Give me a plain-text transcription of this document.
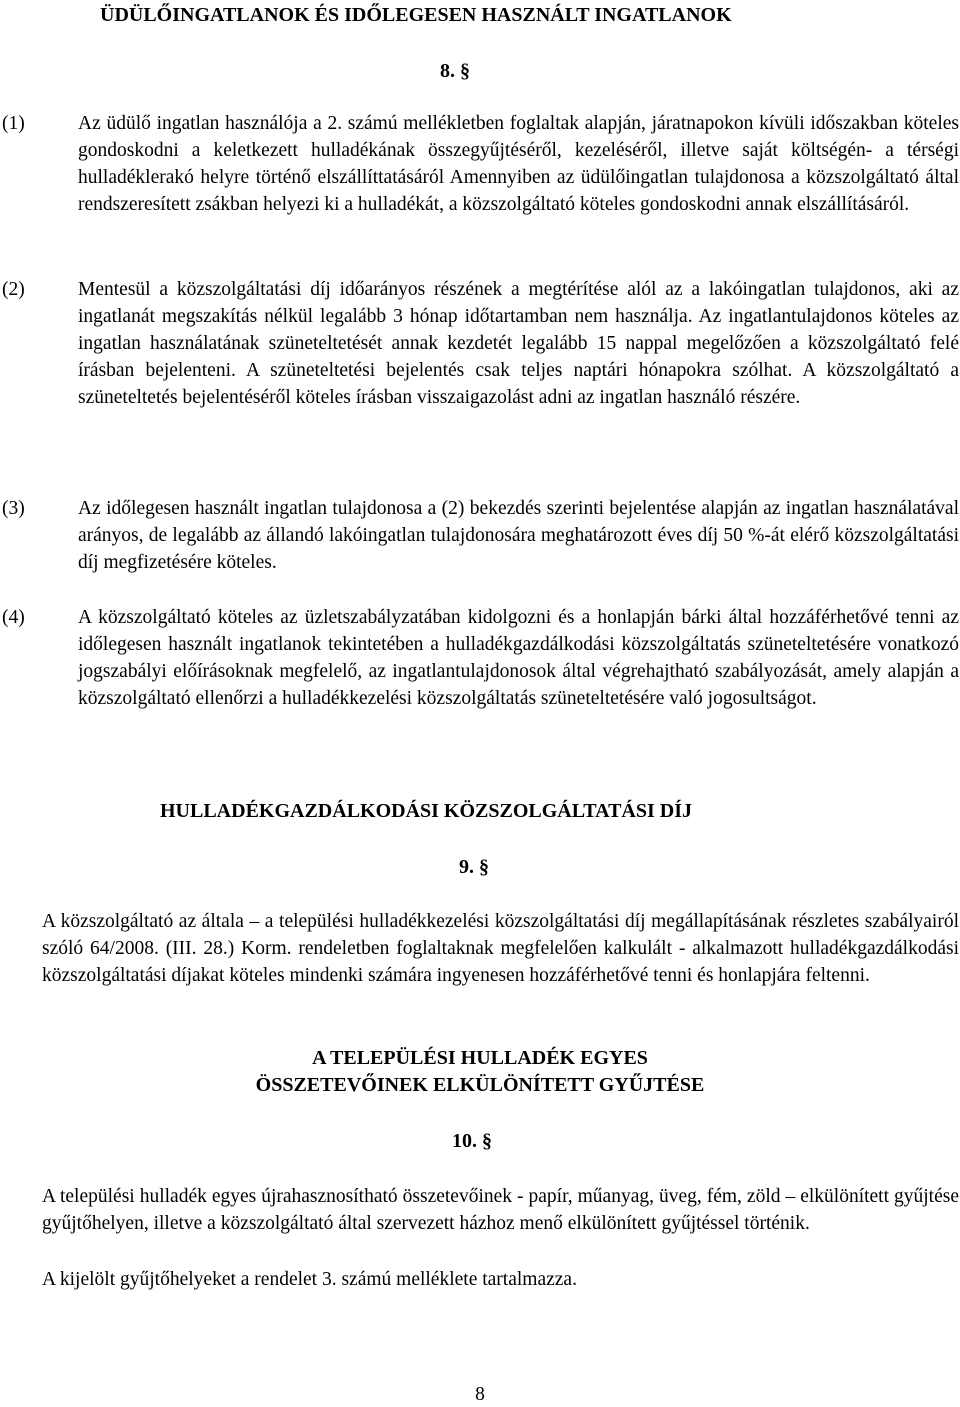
ÜDÜLŐINGATLANOK ÉS IDŐLEGESEN HASZNÁLT INGATLANOK
8. §

(1)	Az üdülő ingatlan használója a 2. számú mellékletben foglaltak alapján, járatnapokon kívüli időszakban köteles gondoskodni a keletkezett hulladékának összegyűjtéséről, kezeléséről, illetve saját költségén- a térségi hulladéklerakó helyre történő elszállíttatásáról Amennyiben az üdülőingatlan tulajdonosa a közszolgáltató által rendszeresített zsákban helyezi ki a hulladékát, a közszolgáltató köteles gondoskodni annak elszállításáról.

(2)	Mentesül a közszolgáltatási díj időarányos részének a megtérítése alól az a lakóingatlan tulajdonos, aki az ingatlanát megszakítás nélkül legalább 3 hónap időtartamban nem használja. Az ingatlantulajdonos köteles az ingatlan használatának szüneteltetését annak kezdetét legalább 15 nappal megelőzően a közszolgáltató felé írásban bejelenteni. A szüneteltetési bejelentés csak teljes naptári hónapokra szólhat. A közszolgáltató a szüneteltetés bejelentéséről köteles írásban visszaigazolást adni az ingatlan használó részére.

(3)	Az időlegesen használt ingatlan tulajdonosa a (2) bekezdés szerinti bejelentése alapján az ingatlan használatával arányos, de legalább az állandó lakóingatlan tulajdonosára meghatározott éves díj 50 %-át elérő közszolgáltatási díj megfizetésére köteles.

(4)	A közszolgáltató köteles az üzletszabályzatában kidolgozni és a honlapján bárki által hozzáférhetővé tenni az időlegesen használt ingatlanok tekintetében a hulladékgazdálkodási közszolgáltatás szüneteltetésére vonatkozó jogszabályi előírásoknak megfelelő, az ingatlantulajdonosok által végrehajtható szabályozását, amely alapján a közszolgáltató ellenőrzi a hulladékkezelési közszolgáltatás szüneteltetésére való jogosultságot.

HULLADÉKGAZDÁLKODÁSI KÖZSZOLGÁLTATÁSI DÍJ
9. §

A közszolgáltató az általa – a települési hulladékkezelési közszolgáltatási díj megállapításának részletes szabályairól szóló 64/2008. (III. 28.) Korm. rendeletben foglaltaknak megfelelően kalkulált - alkalmazott hulladékgazdálkodási közszolgáltatási díjakat köteles mindenki számára ingyenesen hozzáférhetővé tenni és honlapjára feltenni.

A TELEPÜLÉSI HULLADÉK EGYES
ÖSSZETEVŐINEK ELKÜLÖNÍTETT GYŰJTÉSE
10. §

A települési hulladék egyes újrahasznosítható összetevőinek - papír, műanyag, üveg, fém, zöld – elkülönített gyűjtése gyűjtőhelyen, illetve a közszolgáltató által szervezett házhoz menő elkülönített gyűjtéssel történik.

A kijelölt gyűjtőhelyeket a rendelet 3. számú melléklete tartalmazza.

8
